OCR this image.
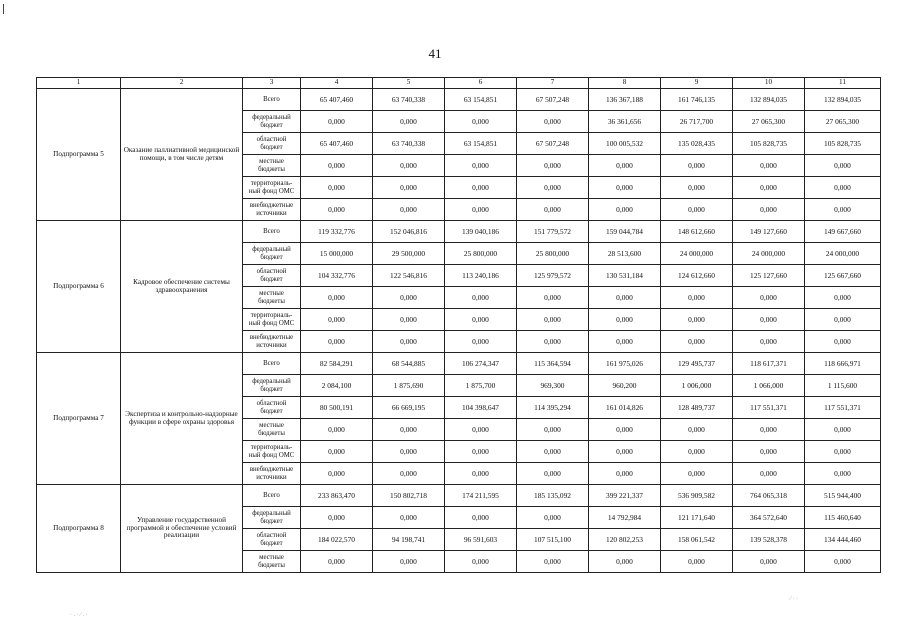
41
1	2	3	4	5	6	7	8	9	10	11
Подпрограмма 5	Оказание паллиативной медицинской помощи, в том числе детям	Всего	65 407,460	63 740,338	63 154,851	67 507,248	136 367,188	161 746,135	132 894,035	132 894,035
		федеральный бюджет	0,000	0,000	0,000	0,000	36 361,656	26 717,700	27 065,300	27 065,300
		областной бюджет	65 407,460	63 740,338	63 154,851	67 507,248	100 005,532	135 028,435	105 828,735	105 828,735
		местные бюджеты	0,000	0,000	0,000	0,000	0,000	0,000	0,000	0,000
		территориаль-ный фонд ОМС	0,000	0,000	0,000	0,000	0,000	0,000	0,000	0,000
		внебюджетные источники	0,000	0,000	0,000	0,000	0,000	0,000	0,000	0,000
Подпрограмма 6	Кадровое обеспечение системы здравоохранения	Всего	119 332,776	152 046,816	139 040,186	151 779,572	159 044,784	148 612,660	149 127,660	149 667,660
		федеральный бюджет	15 000,000	29 500,000	25 800,000	25 800,000	28 513,600	24 000,000	24 000,000	24 000,000
		областной бюджет	104 332,776	122 546,816	113 240,186	125 979,572	130 531,184	124 612,660	125 127,660	125 667,660
		местные бюджеты	0,000	0,000	0,000	0,000	0,000	0,000	0,000	0,000
		территориаль-ный фонд ОМС	0,000	0,000	0,000	0,000	0,000	0,000	0,000	0,000
		внебюджетные источники	0,000	0,000	0,000	0,000	0,000	0,000	0,000	0,000
Подпрограмма 7	Экспертиза и контрольно-надзорные функции в сфере охраны здоровья	Всего	82 584,291	68 544,885	106 274,347	115 364,594	161 975,026	129 495,737	118 617,371	118 666,971
		федеральный бюджет	2 084,100	1 875,690	1 875,700	969,300	960,200	1 006,000	1 066,000	1 115,600
		областной бюджет	80 500,191	66 669,195	104 398,647	114 395,294	161 014,826	128 489,737	117 551,371	117 551,371
		местные бюджеты	0,000	0,000	0,000	0,000	0,000	0,000	0,000	0,000
		территориаль-ный фонд ОМС	0,000	0,000	0,000	0,000	0,000	0,000	0,000	0,000
		внебюджетные источники	0,000	0,000	0,000	0,000	0,000	0,000	0,000	0,000
Подпрограмма 8	Управление государственной программой и обеспечение условий реализации	Всего	233 863,470	150 802,718	174 211,595	185 135,092	399 221,337	536 909,582	764 065,318	515 944,400
		федеральный бюджет	0,000	0,000	0,000	0,000	14 792,984	121 171,640	364 572,640	115 460,640
		областной бюджет	184 022,570	94 198,741	96 591,603	107 515,100	120 802,253	158 061,542	139 528,378	134 444,460
		местные бюджеты	0,000	0,000	0,000	0,000	0,000	0,000	0,000	0,000
· . · ⁄ . ·
⁄ · ·
